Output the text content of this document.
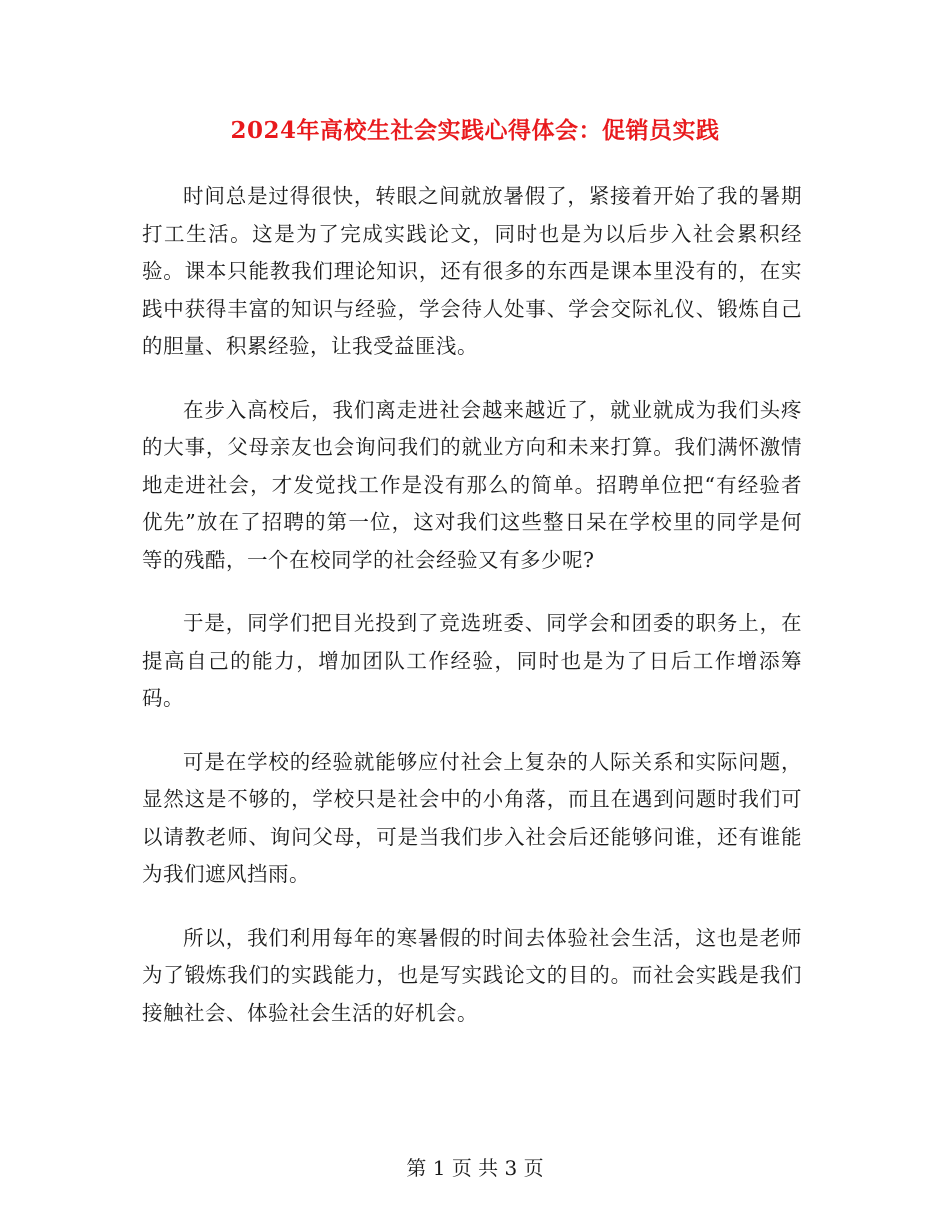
2024年高校生社会实践心得体会：促销员实践

时间总是过得很快，转眼之间就放暑假了，紧接着开始了我的暑期打工生活。这是为了完成实践论文，同时也是为以后步入社会累积经验。课本只能教我们理论知识，还有很多的东西是课本里没有的，在实践中获得丰富的知识与经验，学会待人处事、学会交际礼仪、锻炼自己的胆量、积累经验，让我受益匪浅。

在步入高校后，我们离走进社会越来越近了，就业就成为我们头疼的大事，父母亲友也会询问我们的就业方向和未来打算。我们满怀激情地走进社会，才发觉找工作是没有那么的简单。招聘单位把“有经验者优先”放在了招聘的第一位，这对我们这些整日呆在学校里的同学是何等的残酷，一个在校同学的社会经验又有多少呢?

于是，同学们把目光投到了竞选班委、同学会和团委的职务上，在提高自己的能力，增加团队工作经验，同时也是为了日后工作增添筹码。

可是在学校的经验就能够应付社会上复杂的人际关系和实际问题，显然这是不够的，学校只是社会中的小角落，而且在遇到问题时我们可以请教老师、询问父母，可是当我们步入社会后还能够问谁，还有谁能为我们遮风挡雨。

所以，我们利用每年的寒暑假的时间去体验社会生活，这也是老师为了锻炼我们的实践能力，也是写实践论文的目的。而社会实践是我们接触社会、体验社会生活的好机会。

第 1 页 共 3 页
